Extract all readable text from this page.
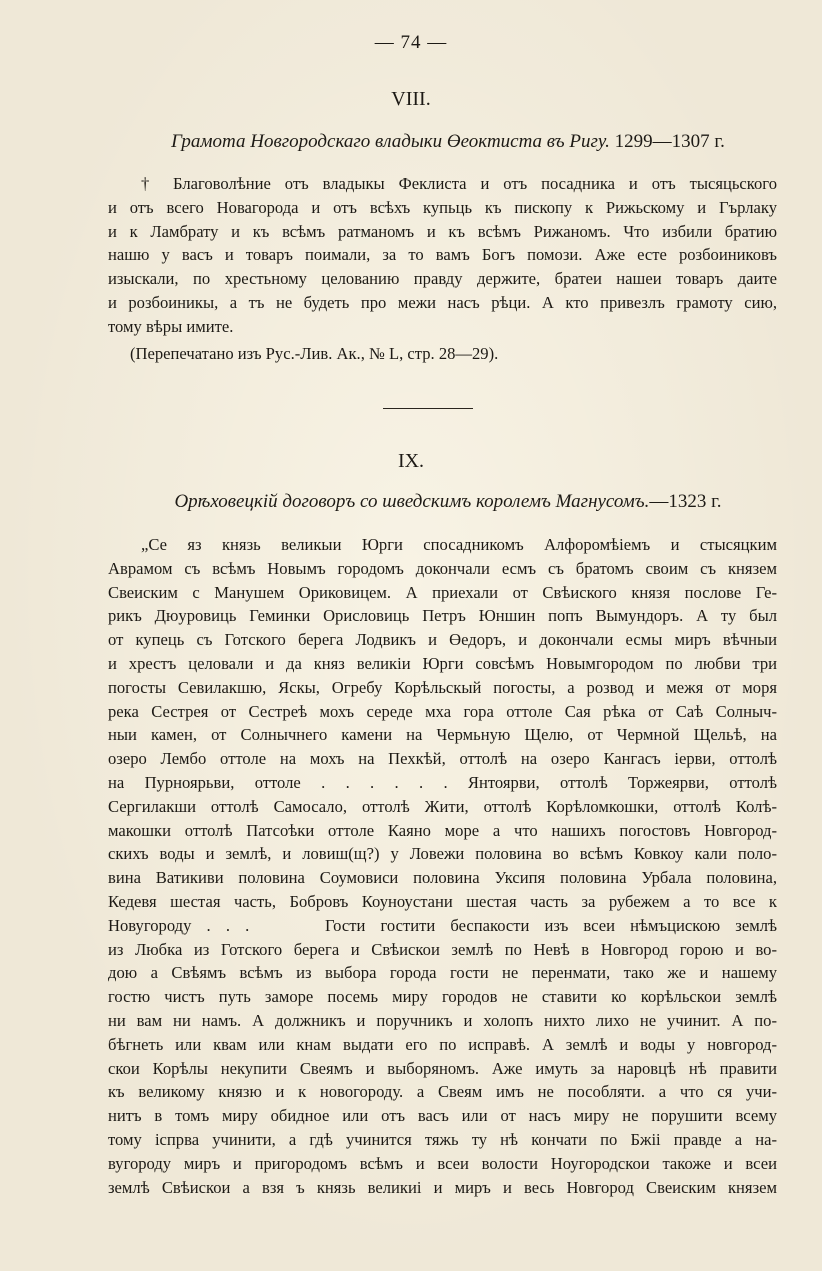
— 74 —
VIII.
Грамота Новгородскаго владыки Өеоктиста въ Ригу. 1299—1307 г.
† Благоволѣние отъ владыкы Феклиста и отъ посадника и отъ тысяцьского
и отъ всего Новагорода и отъ всѣхъ купьць къ пископу к Рижьскому и Гърлаку
и к Ламбрату и къ всѣмъ ратманомъ и къ всѣмъ Рижаномъ. Что избили братию
нашю у васъ и товаръ поимали, за то вамъ Богъ помози. Аже есте розбоиниковъ
изыскали, по хрестьному целованию правду держите, братеи нашеи товаръ даите
и розбоиникы, а тъ не будеть про межи насъ рѣци. А кто привезлъ грамоту сию,
тому вѣры имите.
(Перепечатано изъ Рус.-Лив. Ак., № L, стр. 28—29).
IX.
Орѣховецкій договоръ со шведскимъ королемъ Магнусомъ.—1323 г.
„Се яз князь великыи Юрги спосадникомъ Алфоромѣіемъ и стысяцким
Аврамом съ всѣмъ Новымъ городомъ докончали есмъ съ братомъ своим съ князем
Свеиским с Манушем Ориковицем. А приехали от Свѣиского князя послове Ге-
рикъ Дюуровиць Геминки Орисловиць Петръ Юншин попъ Вымундоръ. А ту был
от купець съ Готского берега Лодвикъ и Өедоръ, и докончали есмы миръ вѣчныи
и хрестъ целовали и да княз великіи Юрги совсѣмъ Новымгородом по любви три
погосты Севилакшю, Яскы, Огребу Корѣльскый погосты, а розвод и межя от моря
река Сестрея от Сестреѣ мохъ середе мха гора оттоле Сая рѣка от Саѣ Солныч-
ныи камен, от Солнычнего камени на Чермьную Щелю, от Чермной Щельѣ, на
озеро Лембо оттоле на мохъ на Пехкѣй, оттолѣ на озеро Кангасъ іерви, оттолѣ
на Пурноярьви, оттоле . . . . . . Янтоярви, оттолѣ Торжеярви, оттолѣ
Сергилакши оттолѣ Самосало, оттолѣ Жити, оттолѣ Корѣломкошки, оттолѣ Колѣ-
макошки оттолѣ Патсоѣки оттоле Каяно море а что нашихъ погостовъ Новгород-
скихъ воды и землѣ, и ловиш(щ?) у Ловежи половина во всѣмъ Ковкоу кали поло-
вина Ватикиви половина Соумовиси половина Уксипя половина Урбала половина,
Кедевя шестая часть, Бобровъ Коуноустани шестая часть за рубежем а то все к
Новугороду . . .     Гости гостити беспакости изъ всеи нѣмъцискою землѣ
из Любка из Готского берега и Свѣискои землѣ по Невѣ в Новгород горою и во-
дою а Свѣямъ всѣмъ из выбора города гости не перенмати, тако же и нашему
гостю чистъ путь заморе посемь миру городов не ставити ко корѣльскои землѣ
ни вам ни намъ. А должникъ и поручникъ и холопъ нихто лихо не учинит. А по-
бѣгнеть или квам или кнам выдати его по исправѣ. А землѣ и воды у новгород-
скои Корѣлы некупити Свеямъ и выборяномъ. Аже имуть за наровцѣ нѣ правити
къ великому князю и к новогороду. а Свеям имъ не пособляти. а что ся учи-
нитъ в томъ миру обидное или отъ васъ или от насъ миру не порушити всему
тому іспрва учинити, а гдѣ учинится тяжь ту нѣ кончати по Бжіі правде а на-
вугороду миръ и пригородомъ всѣмъ и всеи волости Ноугородскои такоже и всеи
землѣ Свѣискои а взя ъ князь великиі и миръ и весь Новгород Свеиским князем
